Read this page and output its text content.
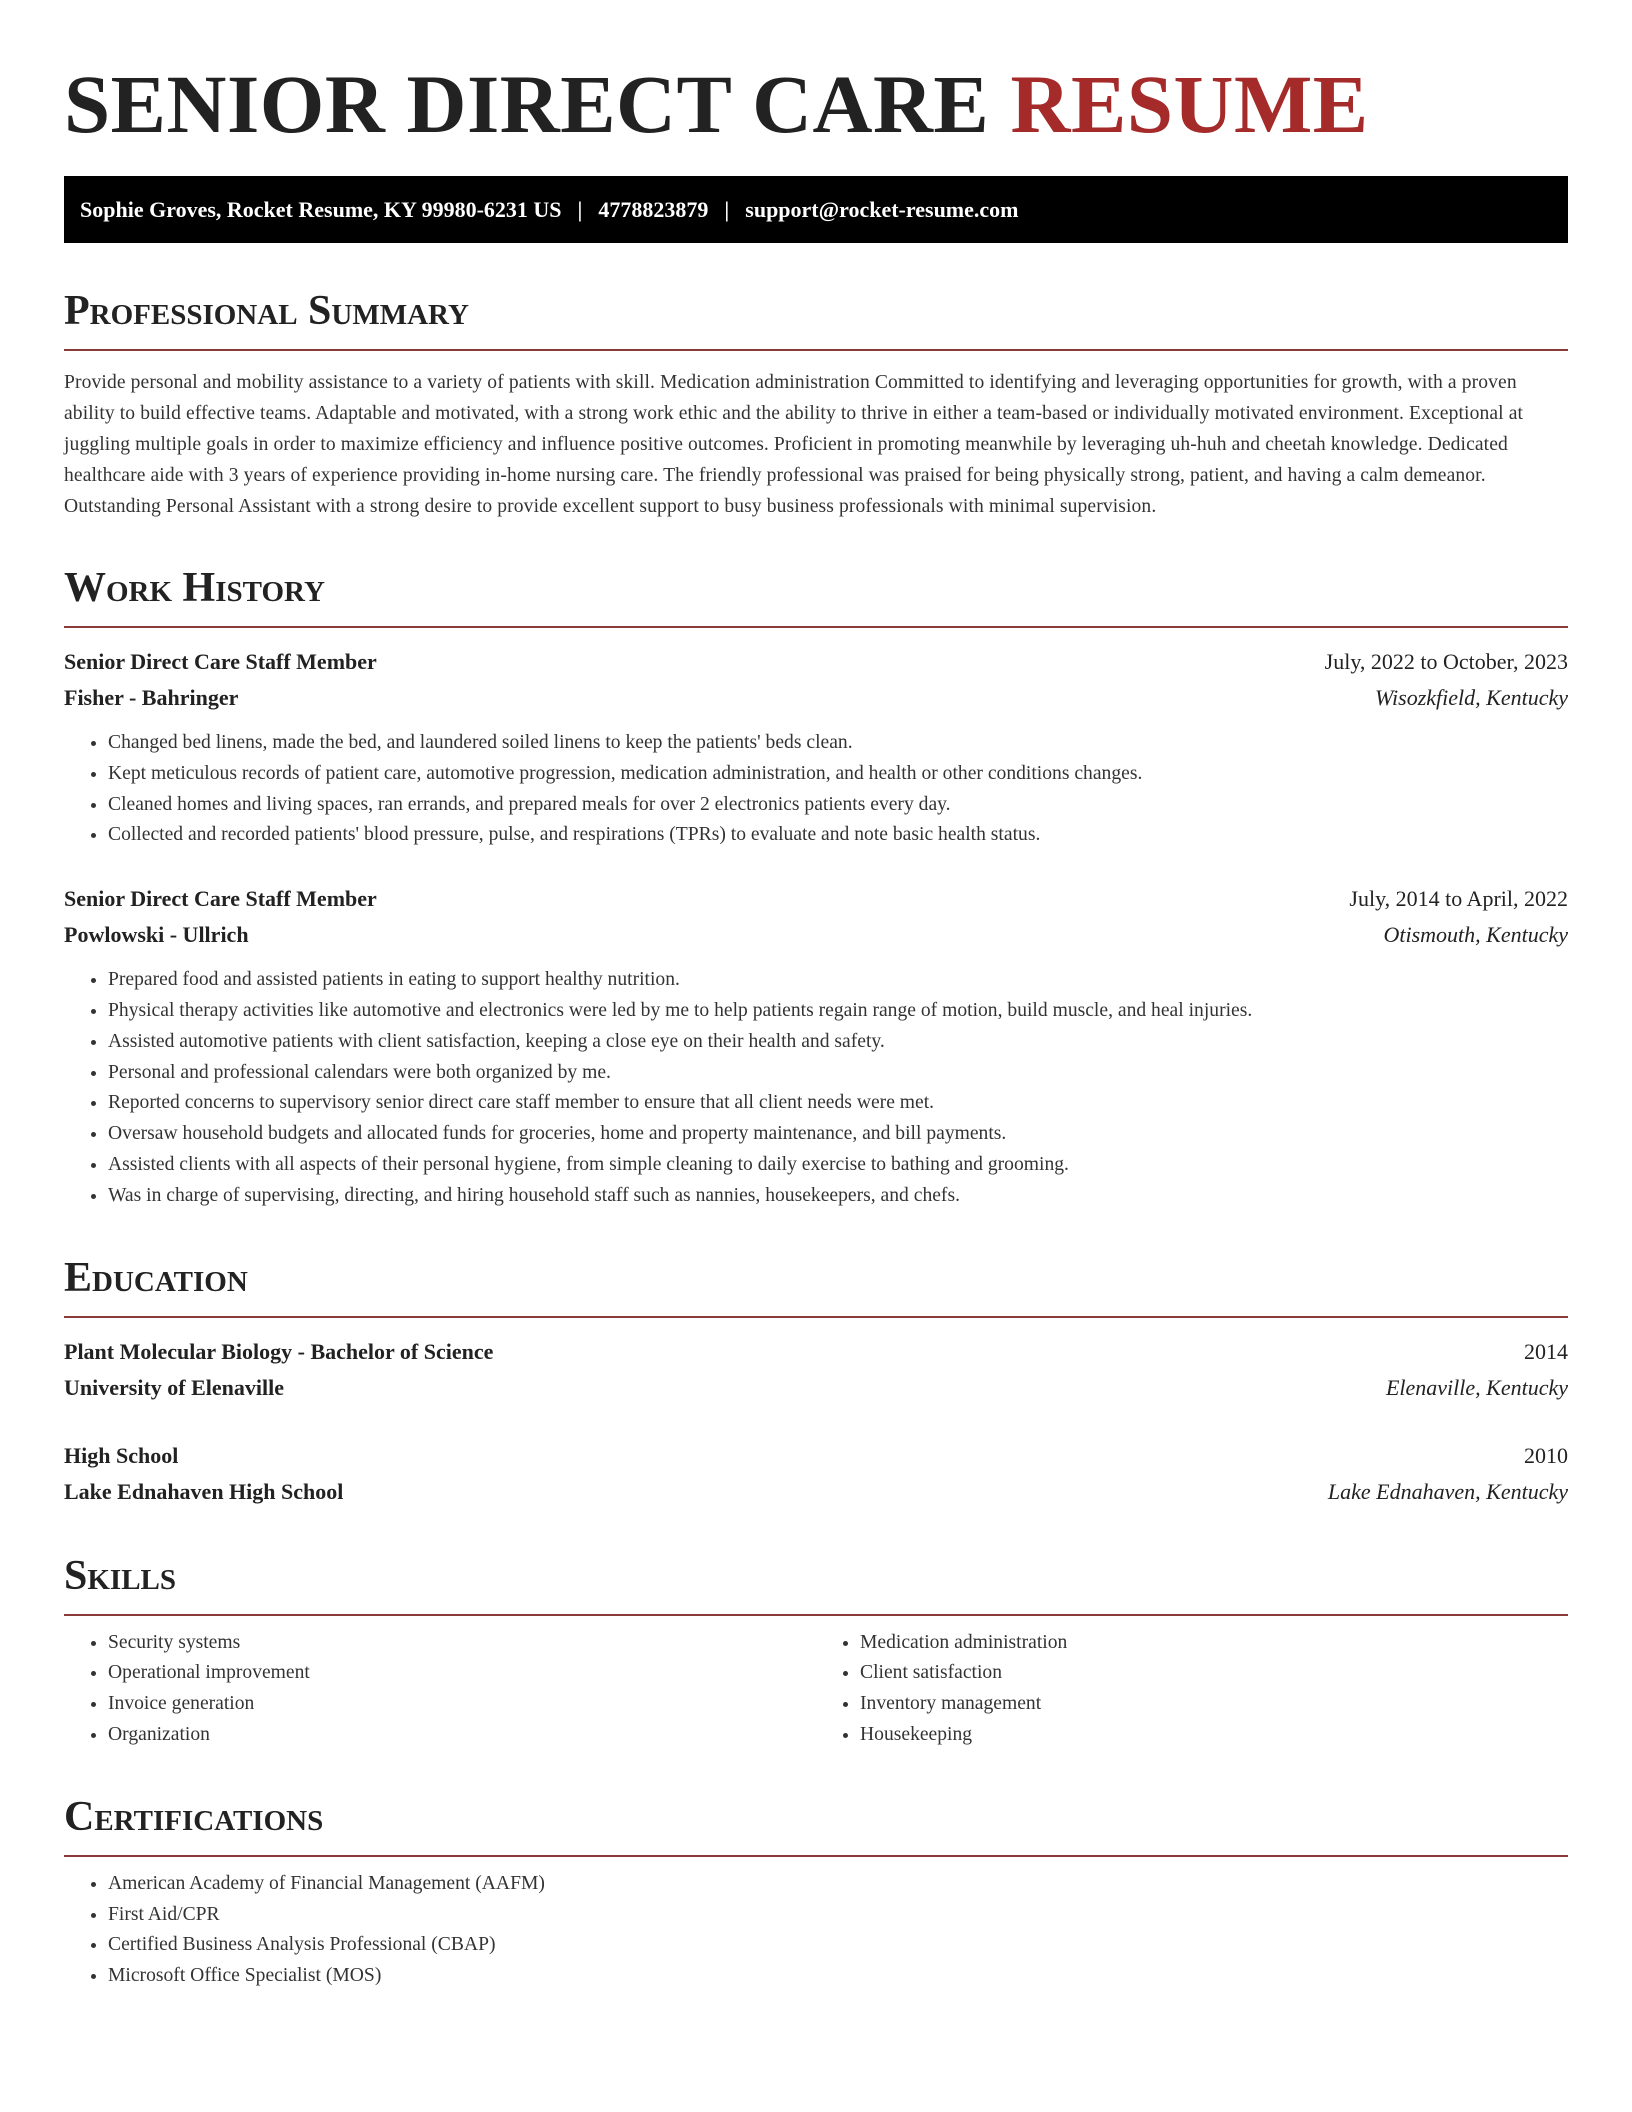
SENIOR DIRECT CARE RESUME
Sophie Groves, Rocket Resume, KY 99980-6231 US | 4778823879 | support@rocket-resume.com
Professional Summary

Provide personal and mobility assistance to a variety of patients with skill. Medication administration Committed to identifying and leveraging opportunities for growth, with a proven ability to build effective teams. Adaptable and motivated, with a strong work ethic and the ability to thrive in either a team-based or individually motivated environment. Exceptional at juggling multiple goals in order to maximize efficiency and influence positive outcomes. Proficient in promoting meanwhile by leveraging uh-huh and cheetah knowledge. Dedicated healthcare aide with 3 years of experience providing in-home nursing care. The friendly professional was praised for being physically strong, patient, and having a calm demeanor. Outstanding Personal Assistant with a strong desire to provide excellent support to busy business professionals with minimal supervision.

Work History
Senior Direct Care Staff Member	July, 2022 to October, 2023
Fisher - Bahringer	Wisozkfield, Kentucky
• Changed bed linens, made the bed, and laundered soiled linens to keep the patients' beds clean.
• Kept meticulous records of patient care, automotive progression, medication administration, and health or other conditions changes.
• Cleaned homes and living spaces, ran errands, and prepared meals for over 2 electronics patients every day.
• Collected and recorded patients' blood pressure, pulse, and respirations (TPRs) to evaluate and note basic health status.
Senior Direct Care Staff Member	July, 2014 to April, 2022
Powlowski - Ullrich	Otismouth, Kentucky
• Prepared food and assisted patients in eating to support healthy nutrition.
• Physical therapy activities like automotive and electronics were led by me to help patients regain range of motion, build muscle, and heal injuries.
• Assisted automotive patients with client satisfaction, keeping a close eye on their health and safety.
• Personal and professional calendars were both organized by me.
• Reported concerns to supervisory senior direct care staff member to ensure that all client needs were met.
• Oversaw household budgets and allocated funds for groceries, home and property maintenance, and bill payments.
• Assisted clients with all aspects of their personal hygiene, from simple cleaning to daily exercise to bathing and grooming.
• Was in charge of supervising, directing, and hiring household staff such as nannies, housekeepers, and chefs.
Education
Plant Molecular Biology - Bachelor of Science	2014
University of Elenaville	Elenaville, Kentucky
High School	2010
Lake Ednahaven High School	Lake Ednahaven, Kentucky
Skills
• Security systems
• Operational improvement
• Invoice generation
• Organization
• Medication administration
• Client satisfaction
• Inventory management
• Housekeeping
Certifications
• American Academy of Financial Management (AAFM)
• First Aid/CPR
• Certified Business Analysis Professional (CBAP)
• Microsoft Office Specialist (MOS)
